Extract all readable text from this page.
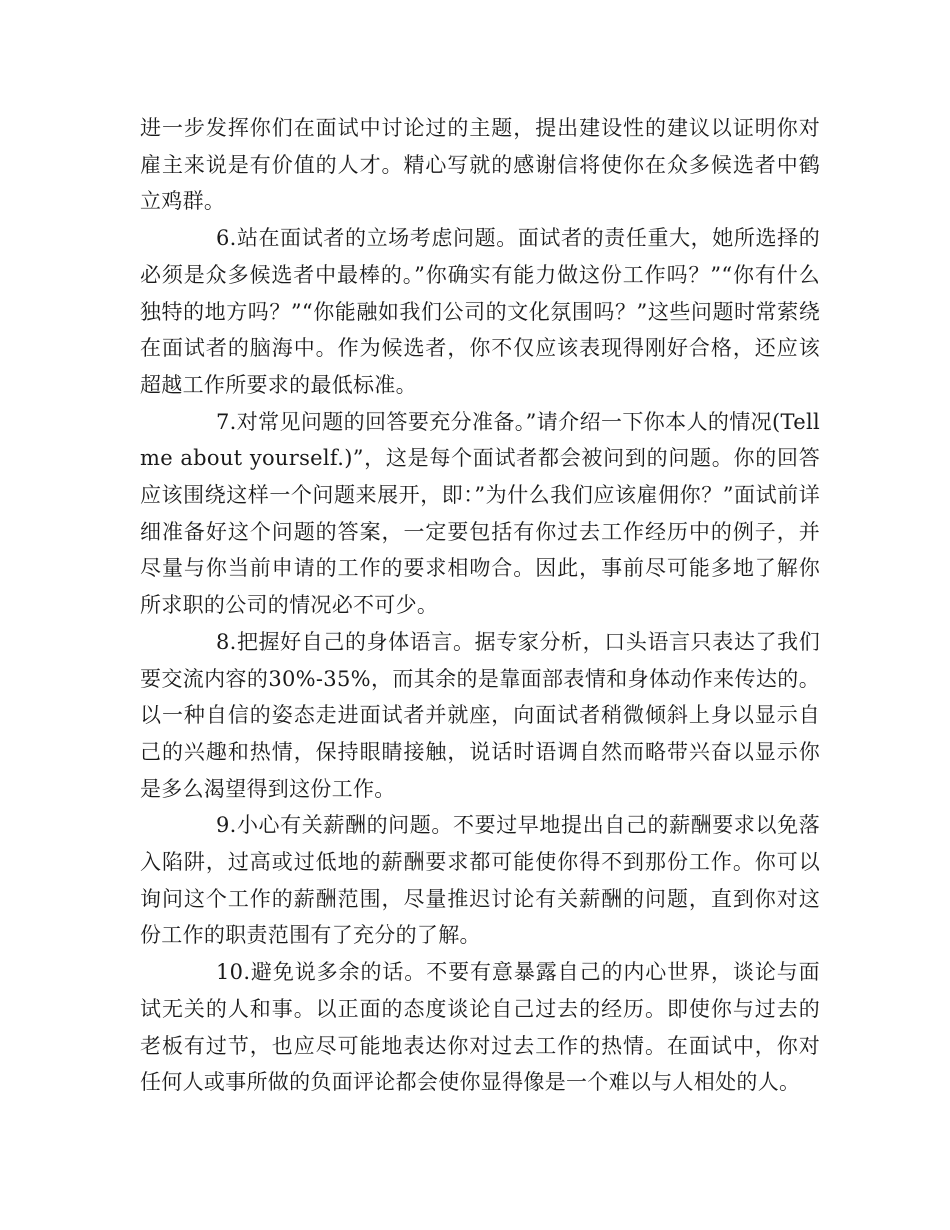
进一步发挥你们在面试中讨论过的主题，提出建设性的建议以证明你对雇主来说是有价值的人才。精心写就的感谢信将使你在众多候选者中鹤立鸡群。

6.站在面试者的立场考虑问题。面试者的责任重大，她所选择的必须是众多候选者中最棒的。”你确实有能力做这份工作吗？”“你有什么独特的地方吗？”“你能融如我们公司的文化氛围吗？”这些问题时常萦绕在面试者的脑海中。作为候选者，你不仅应该表现得刚好合格，还应该超越工作所要求的最低标准。

7.对常见问题的回答要充分准备。”请介绍一下你本人的情况(Tell me about yourself.)”，这是每个面试者都会被问到的问题。你的回答应该围绕这样一个问题来展开，即：”为什么我们应该雇佣你？”面试前详细准备好这个问题的答案，一定要包括有你过去工作经历中的例子，并尽量与你当前申请的工作的要求相吻合。因此，事前尽可能多地了解你所求职的公司的情况必不可少。

8.把握好自己的身体语言。据专家分析，口头语言只表达了我们要交流内容的30%-35%，而其余的是靠面部表情和身体动作来传达的。以一种自信的姿态走进面试者并就座，向面试者稍微倾斜上身以显示自己的兴趣和热情，保持眼睛接触，说话时语调自然而略带兴奋以显示你是多么渴望得到这份工作。

9.小心有关薪酬的问题。不要过早地提出自己的薪酬要求以免落入陷阱，过高或过低地的薪酬要求都可能使你得不到那份工作。你可以询问这个工作的薪酬范围，尽量推迟讨论有关薪酬的问题，直到你对这份工作的职责范围有了充分的了解。

10.避免说多余的话。不要有意暴露自己的内心世界，谈论与面试无关的人和事。以正面的态度谈论自己过去的经历。即使你与过去的老板有过节，也应尽可能地表达你对过去工作的热情。在面试中，你对任何人或事所做的负面评论都会使你显得像是一个难以与人相处的人。
